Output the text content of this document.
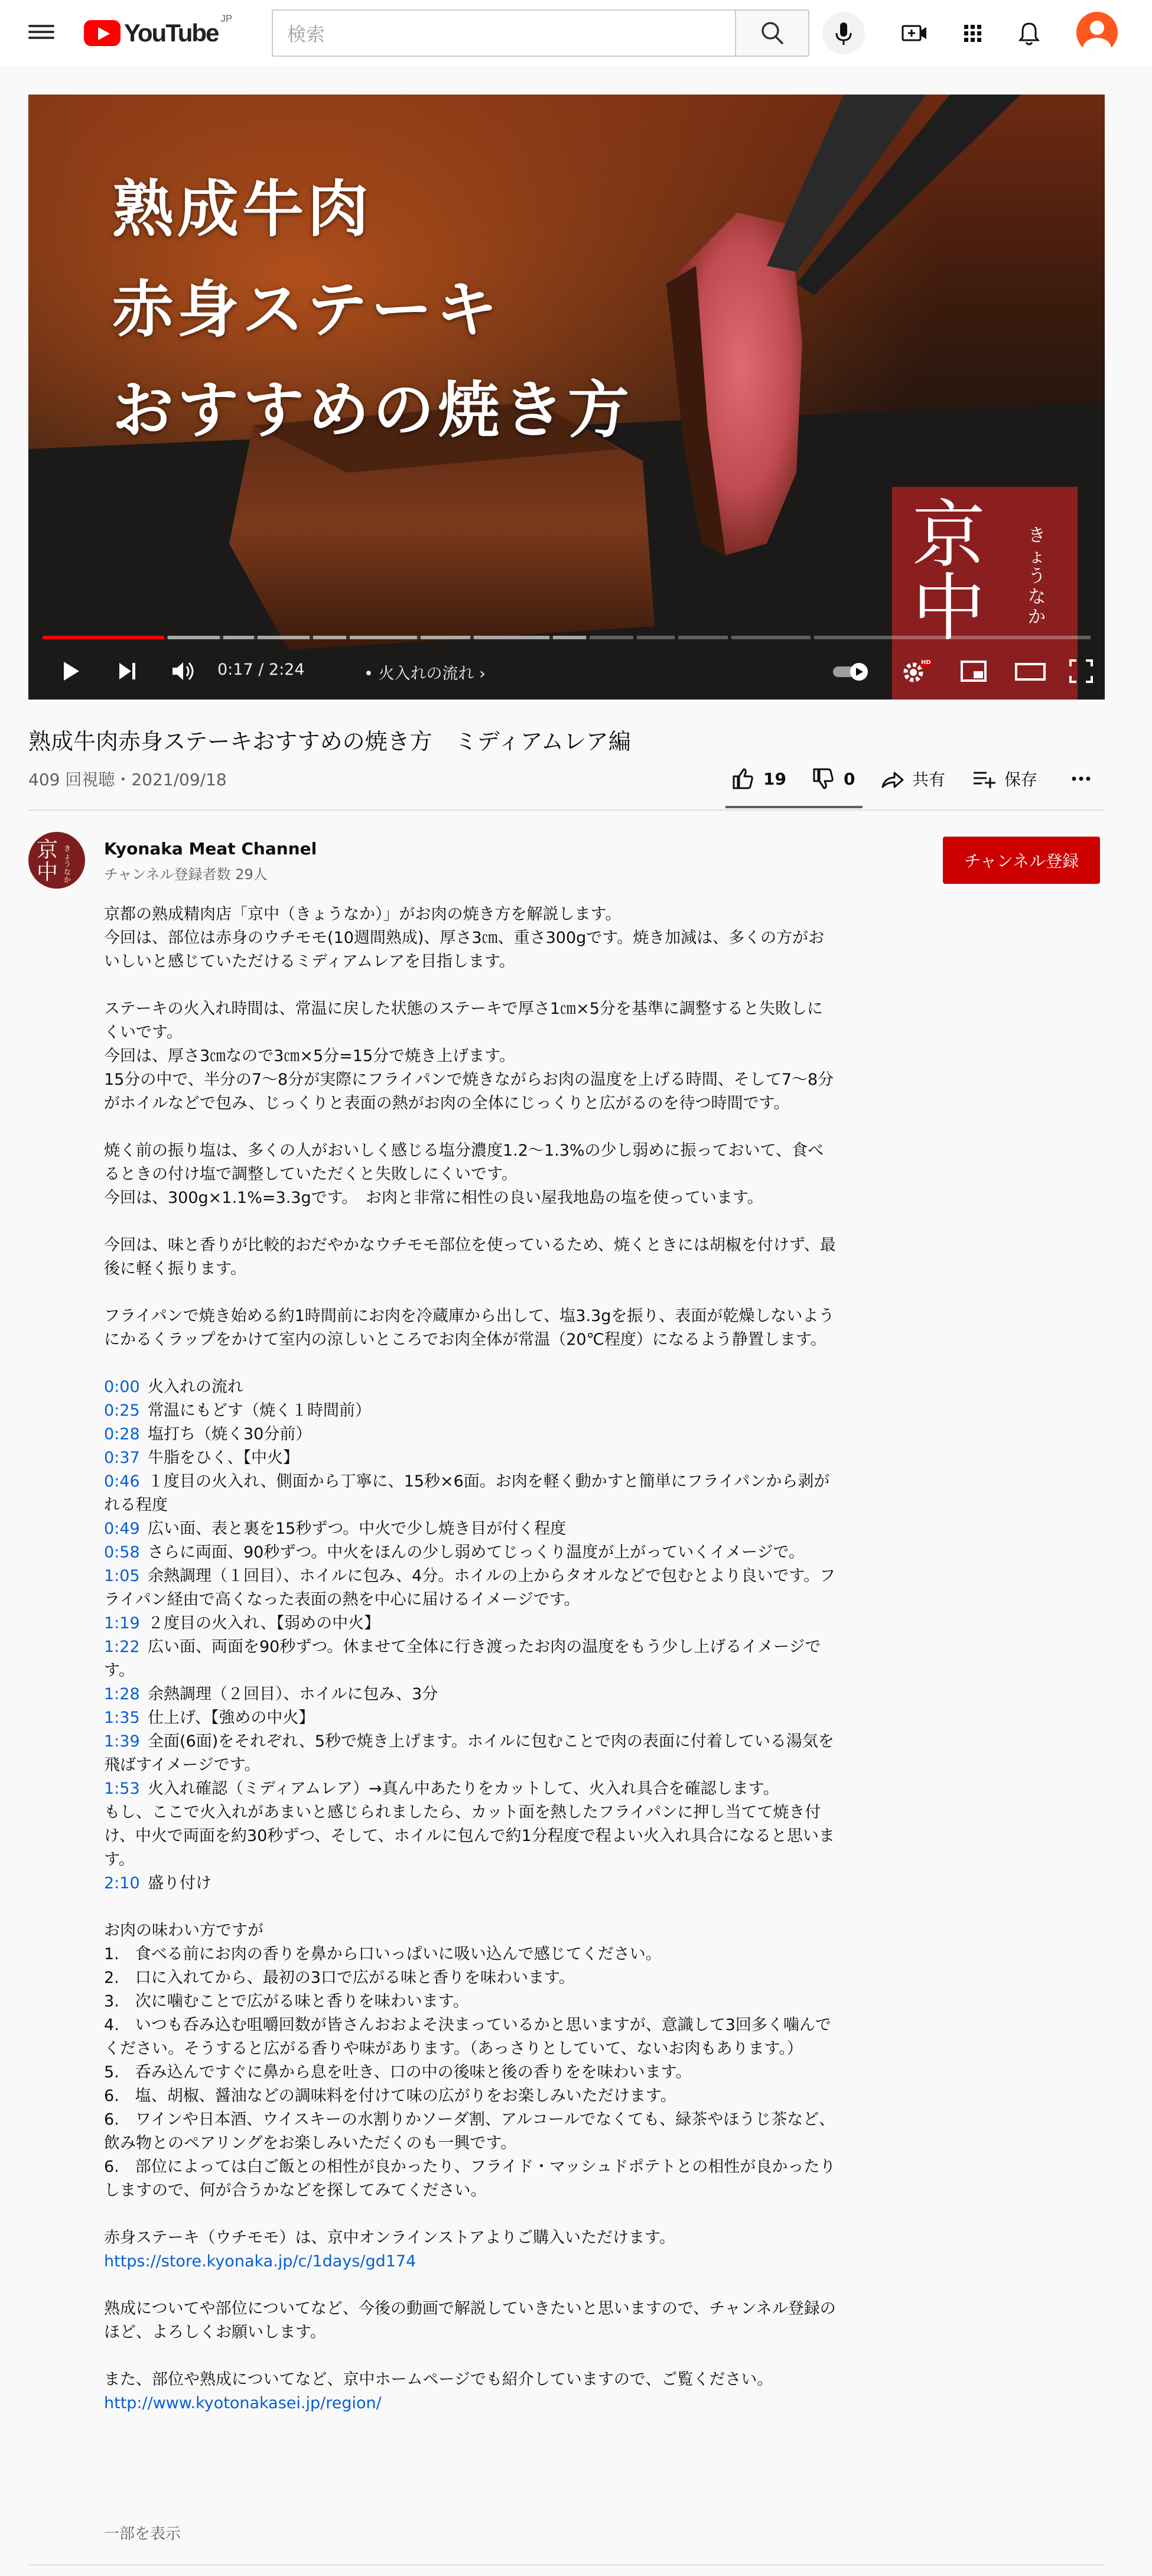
YouTube
JP
検索
熟成牛肉
赤身ステーキ
おすすめの焼き方
京中
きょうなか
0:17 / 2:24	• 火入れの流れ ›
HD
熟成牛肉赤身ステーキおすすめの焼き方　ミディアムレア編
409 回視聴・2021/09/18	19	0	共有	保存
京中
きょうなか
Kyonaka Meat Channel
チャンネル登録者数 29人
チャンネル登録

京都の熟成精肉店「京中（きょうなか）」がお肉の焼き方を解説します。
今回は、部位は赤身のウチモモ(10週間熟成)、厚さ3㎝、重さ300gです。焼き加減は、多くの方がおいしいと感じていただけるミディアムレアを目指します。

ステーキの火入れ時間は、常温に戻した状態のステーキで厚さ1㎝×5分を基準に調整すると失敗しにくいです。
今回は、厚さ3㎝なので3㎝×5分=15分で焼き上げます。
15分の中で、半分の7〜8分が実際にフライパンで焼きながらお肉の温度を上げる時間、そして7〜8分がホイルなどで包み、じっくりと表面の熱がお肉の全体にじっくりと広がるのを待つ時間です。

焼く前の振り塩は、多くの人がおいしく感じる塩分濃度1.2〜1.3%の少し弱めに振っておいて、食べるときの付け塩で調整していただくと失敗しにくいです。
今回は、300g×1.1%=3.3gです。　お肉と非常に相性の良い屋我地島の塩を使っています。

今回は、味と香りが比較的おだやかなウチモモ部位を使っているため、焼くときには胡椒を付けず、最後に軽く振ります。

フライパンで焼き始める約1時間前にお肉を冷蔵庫から出して、塩3.3gを振り、表面が乾燥しないようにかるくラップをかけて室内の涼しいところでお肉全体が常温（20℃程度）になるよう静置します。

0:00 火入れの流れ

0:25 常温にもどす（焼く１時間前）

0:28 塩打ち（焼く30分前）

0:37 牛脂をひく、【中火】

0:46 １度目の火入れ、側面から丁寧に、15秒×6面。お肉を軽く動かすと簡単にフライパンから剥がれる程度

0:49 広い面、表と裏を15秒ずつ。中火で少し焼き目が付く程度

0:58 さらに両面、90秒ずつ。中火をほんの少し弱めてじっくり温度が上がっていくイメージで。

1:05 余熱調理（１回目）、ホイルに包み、4分。ホイルの上からタオルなどで包むとより良いです。フライパン経由で高くなった表面の熱を中心に届けるイメージです。

1:19 ２度目の火入れ、【弱めの中火】

1:22 広い面、両面を90秒ずつ。休ませて全体に行き渡ったお肉の温度をもう少し上げるイメージです。

1:28 余熱調理（２回目）、ホイルに包み、3分

1:35 仕上げ、【強めの中火】

1:39 全面(6面)をそれぞれ、5秒で焼き上げます。ホイルに包むことで肉の表面に付着している湯気を飛ばすイメージです。

1:53 火入れ確認（ミディアムレア）→真ん中あたりをカットして、火入れ具合を確認します。
もし、ここで火入れがあまいと感じられましたら、カット面を熱したフライパンに押し当てて焼き付け、中火で両面を約30秒ずつ、そして、ホイルに包んで約1分程度で程よい火入れ具合になると思います。

2:10 盛り付け

お肉の味わい方ですが
1.　食べる前にお肉の香りを鼻から口いっぱいに吸い込んで感じてください。
2.　口に入れてから、最初の3口で広がる味と香りを味わいます。
3.　次に噛むことで広がる味と香りを味わいます。
4.　いつも呑み込む咀嚼回数が皆さんおおよそ決まっているかと思いますが、意識して3回多く噛んでください。そうすると広がる香りや味があります。（あっさりとしていて、ないお肉もあります。）
5.　呑み込んですぐに鼻から息を吐き、口の中の後味と後の香りをを味わいます。
6.　塩、胡椒、醤油などの調味料を付けて味の広がりをお楽しみいただけます。
6.　ワインや日本酒、ウイスキーの水割りかソーダ割、アルコールでなくても、緑茶やほうじ茶など、飲み物とのペアリングをお楽しみいただくのも一興です。
6.　部位によっては白ご飯との相性が良かったり、フライド・マッシュドポテトとの相性が良かったりしますので、何が合うかなどを探してみてください。

赤身ステーキ（ウチモモ）は、京中オンラインストアよりご購入いただけます。

https://store.kyonaka.jp/c/1days/gd174

熟成についてや部位についてなど、今後の動画で解説していきたいと思いますので、チャンネル登録のほど、よろしくお願いします。

また、部位や熟成についてなど、京中ホームページでも紹介していますので、ご覧ください。

http://www.kyotonakasei.jp/region/

一部を表示
